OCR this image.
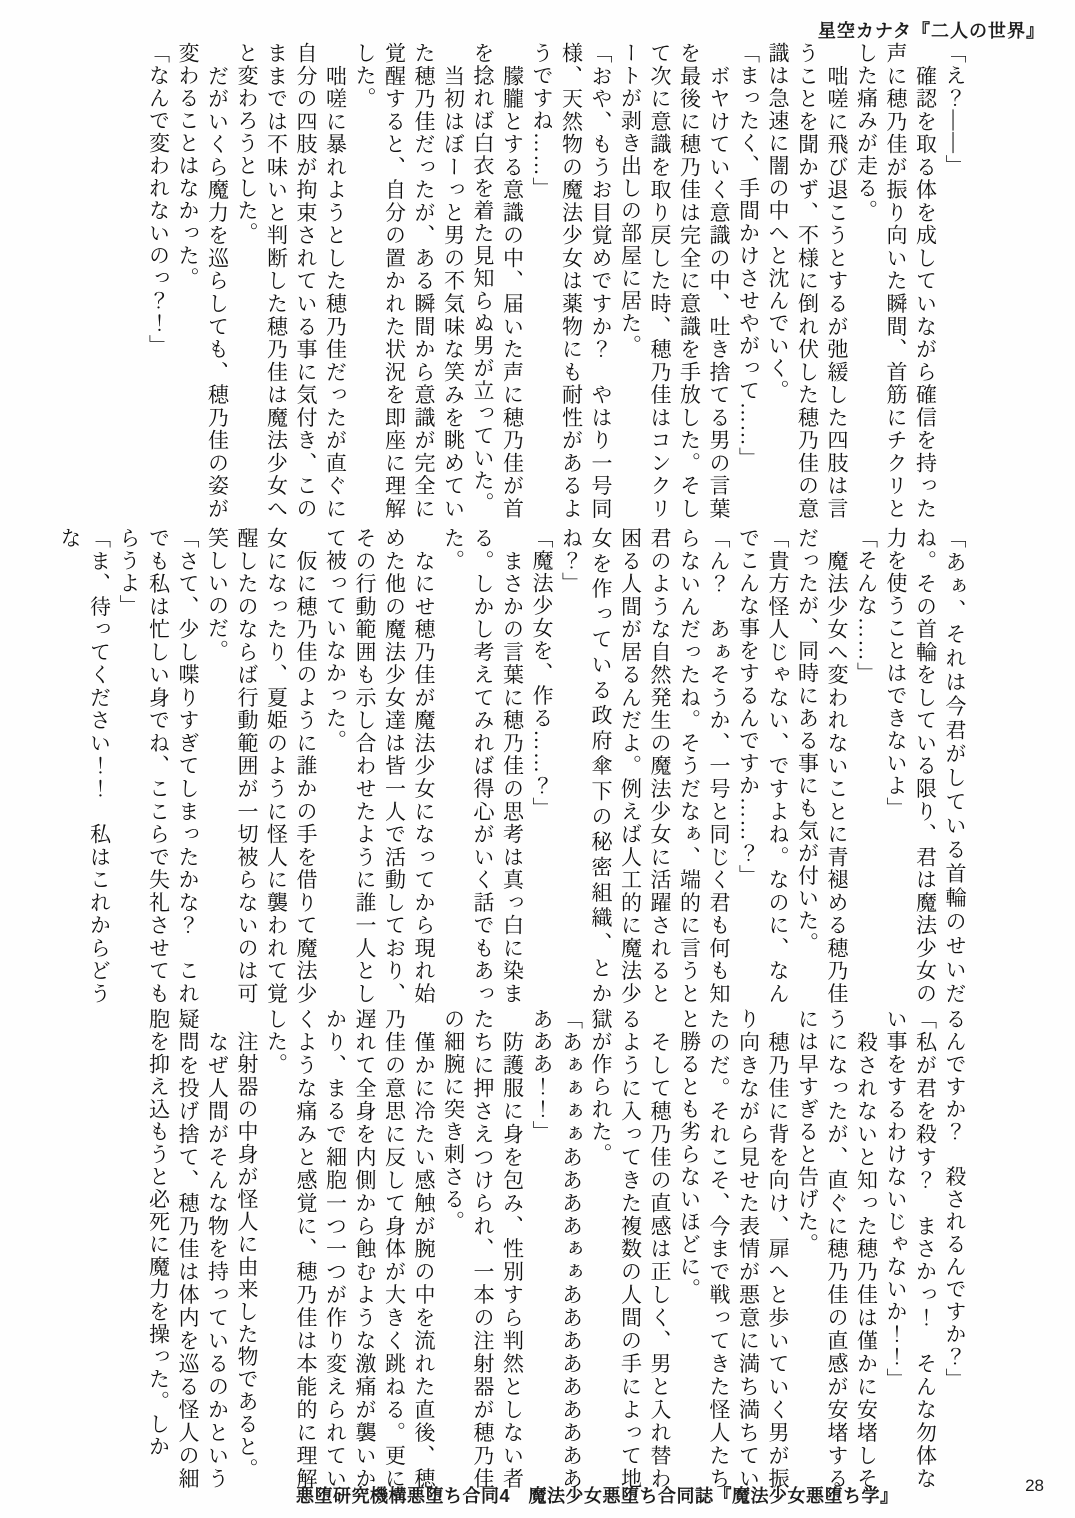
星空カナタ『二人の世界』

「え？――」

　確認を取る体を成していながら確信を持った声に穂乃佳が振り向いた瞬間、首筋にチクリとした痛みが走る。

　咄嗟に飛び退こうとするが弛緩した四肢は言うことを聞かず、不様に倒れ伏した穂乃佳の意識は急速に闇の中へと沈んでいく。

「まったく、手間かけさせやがって……」

　ボヤけていく意識の中、吐き捨てる男の言葉を最後に穂乃佳は完全に意識を手放した。そして次に意識を取り戻した時、穂乃佳はコンクリートが剥き出しの部屋に居た。

「おや、もうお目覚めですか？　やはり一号同様、天然物の魔法少女は薬物にも耐性があるようですね……」

　朦朧とする意識の中、届いた声に穂乃佳が首を捻れば白衣を着た見知らぬ男が立っていた。

　当初はぼーっと男の不気味な笑みを眺めていた穂乃佳だったが、ある瞬間から意識が完全に覚醒すると、自分の置かれた状況を即座に理解した。

　咄嗟に暴れようとした穂乃佳だったが直ぐに自分の四肢が拘束されている事に気付き、このままでは不味いと判断した穂乃佳は魔法少女へと変わろうとした。

　だがいくら魔力を巡らしても、穂乃佳の姿が変わることはなかった。

「なんで変われないのっ？！」

「あぁ、それは今君がしている首輪のせいだね。その首輪をしている限り、君は魔法少女の力を使うことはできないよ」

「そんな……」

　魔法少女へ変われないことに青褪める穂乃佳だったが、同時にある事にも気が付いた。

「貴方怪人じゃない、ですよね。なのに、なんでこんな事をするんですか……？」

「ん？　あぁそうか、一号と同じく君も何も知らないんだったね。そうだなぁ、端的に言うと君のような自然発生の魔法少女に活躍されると困る人間が居るんだよ。例えば人工的に魔法少女を作っている政府傘下の秘密組織、とかね？」

「魔法少女を、作る……？」

　まさかの言葉に穂乃佳の思考は真っ白に染まる。しかし考えてみれば得心がいく話でもあった。

　なにせ穂乃佳が魔法少女になってから現れ始めた他の魔法少女達は皆一人で活動しており、その行動範囲も示し合わせたように誰一人として被っていなかった。

　仮に穂乃佳のように誰かの手を借りて魔法少女になったり、夏姫のように怪人に襲われて覚醒したのならば行動範囲が一切被らないのは可笑しいのだ。

「さて、少し喋りすぎてしまったかな？　これでも私は忙しい身でね、ここらで失礼させてもらうよ」

「ま、待ってください！！　私はこれからどうな

るんですか？　殺されるんですか？」

「私が君を殺す？　まさかっ！　そんな勿体ない事をするわけないじゃないか！！」

　殺されないと知った穂乃佳は僅かに安堵しそうになったが、直ぐに穂乃佳の直感が安堵するには早すぎると告げた。

　穂乃佳に背を向け、扉へと歩いていく男が振り向きながら見せた表情が悪意に満ち満ちていたのだ。それこそ、今まで戦ってきた怪人たちと勝るとも劣らないほどに。

　そして穂乃佳の直感は正しく、男と入れ替わるように入ってきた複数の人間の手によって地獄が作られた。

「あぁぁぁぁああああぁぁああああああああああああ！！」

　防護服に身を包み、性別すら判然としない者たちに押さえつけられ、一本の注射器が穂乃佳の細腕に突き刺さる。

　僅かに冷たい感触が腕の中を流れた直後、穂乃佳の意思に反して身体が大きく跳ねる。更に遅れて全身を内側から蝕むような激痛が襲いかかり、まるで細胞一つ一つが作り変えられていくような痛みと感覚に、穂乃佳は本能的に理解した。

　注射器の中身が怪人に由来した物であると。

　なぜ人間がそんな物を持っているのかという疑問を投げ捨て、穂乃佳は体内を巡る怪人の細胞を抑え込もうと必死に魔力を操った。しか

悪堕研究機構悪堕ち合同4　魔法少女悪堕ち合同誌『魔法少女悪堕ち学』
28
